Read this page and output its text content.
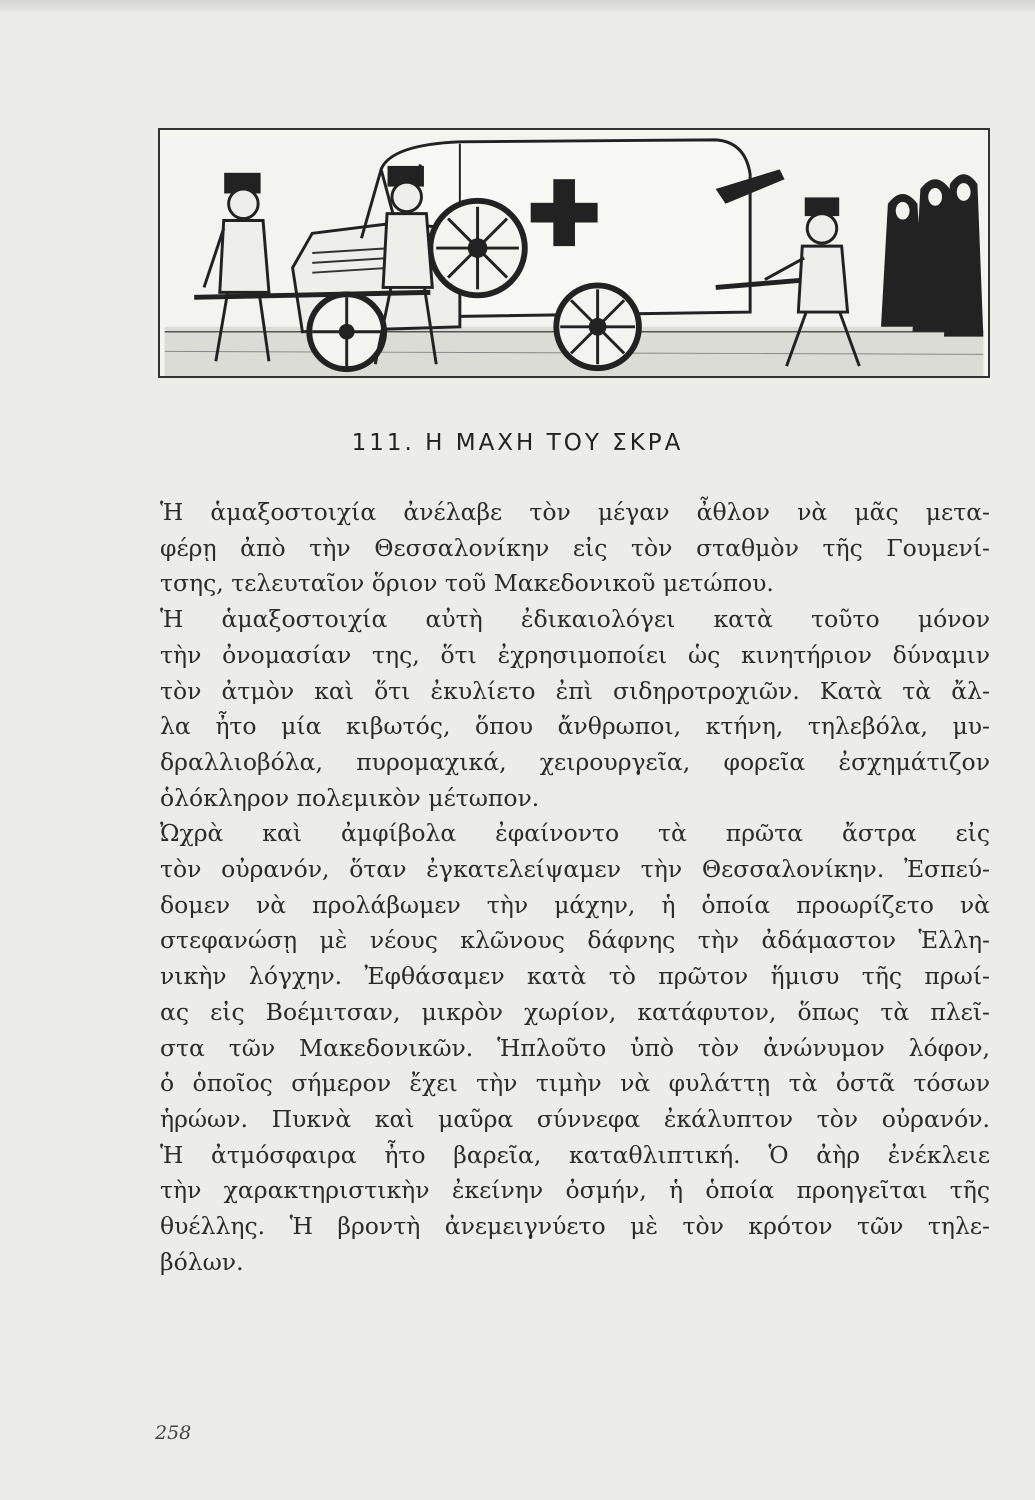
111. Η ΜΑΧΗ ΤΟΥ ΣΚΡΑ

Ἡ ἁμαξοστοιχία ἀνέλαβε τὸν μέγαν ἆθλον νὰ μᾶς μετα-
φέρῃ ἀπὸ τὴν Θεσσαλονίκην εἰς τὸν σταθμὸν τῆς Γουμενί-
τσης, τελευταῖον ὅριον τοῦ Μακεδονικοῦ μετώπου.

Ἡ ἁμαξοστοιχία αὐτὴ ἐδικαιολόγει κατὰ τοῦτο μόνον
τὴν ὀνομασίαν της, ὅτι ἐχρησιμοποίει ὡς κινητήριον δύναμιν
τὸν ἀτμὸν καὶ ὅτι ἐκυλίετο ἐπὶ σιδηροτροχιῶν. Κατὰ τὰ ἄλ-
λα ἦτο μία κιβωτός, ὅπου ἄνθρωποι, κτήνη, τηλεβόλα, μυ-
δραλλιοβόλα, πυρομαχικά, χειρουργεῖα, φορεῖα ἐσχημάτιζον
ὁλόκληρον πολεμικὸν μέτωπον.

Ὠχρὰ καὶ ἀμφίβολα ἐφαίνοντο τὰ πρῶτα ἄστρα εἰς
τὸν οὐρανόν, ὅταν ἐγκατελείψαμεν τὴν Θεσσαλονίκην. Ἐσπεύ-
δομεν νὰ προλάβωμεν τὴν μάχην, ἡ ὁποία προωρίζετο νὰ
στεφανώσῃ μὲ νέους κλῶνους δάφνης τὴν ἀδάμαστον Ἑλλη-
νικὴν λόγχην. Ἐφθάσαμεν κατὰ τὸ πρῶτον ἥμισυ τῆς πρωί-
ας εἰς Βοέμιτσαν, μικρὸν χωρίον, κατάφυτον, ὅπως τὰ πλεῖ-
στα τῶν Μακεδονικῶν. Ἡπλοῦτο ὑπὸ τὸν ἀνώνυμον λόφον,
ὁ ὁποῖος σήμερον ἔχει τὴν τιμὴν νὰ φυλάττῃ τὰ ὀστᾶ τόσων
ἡρώων. Πυκνὰ καὶ μαῦρα σύννεφα ἐκάλυπτον τὸν οὐρανόν.
Ἡ ἀτμόσφαιρα ἦτο βαρεῖα, καταθλιπτική. Ὁ ἀὴρ ἐνέκλειε
τὴν χαρακτηριστικὴν ἐκείνην ὀσμήν, ἡ ὁποία προηγεῖται τῆς
θυέλλης. Ἡ βροντὴ ἀνεμειγνύετο μὲ τὸν κρότον τῶν τηλε-
βόλων.

258
